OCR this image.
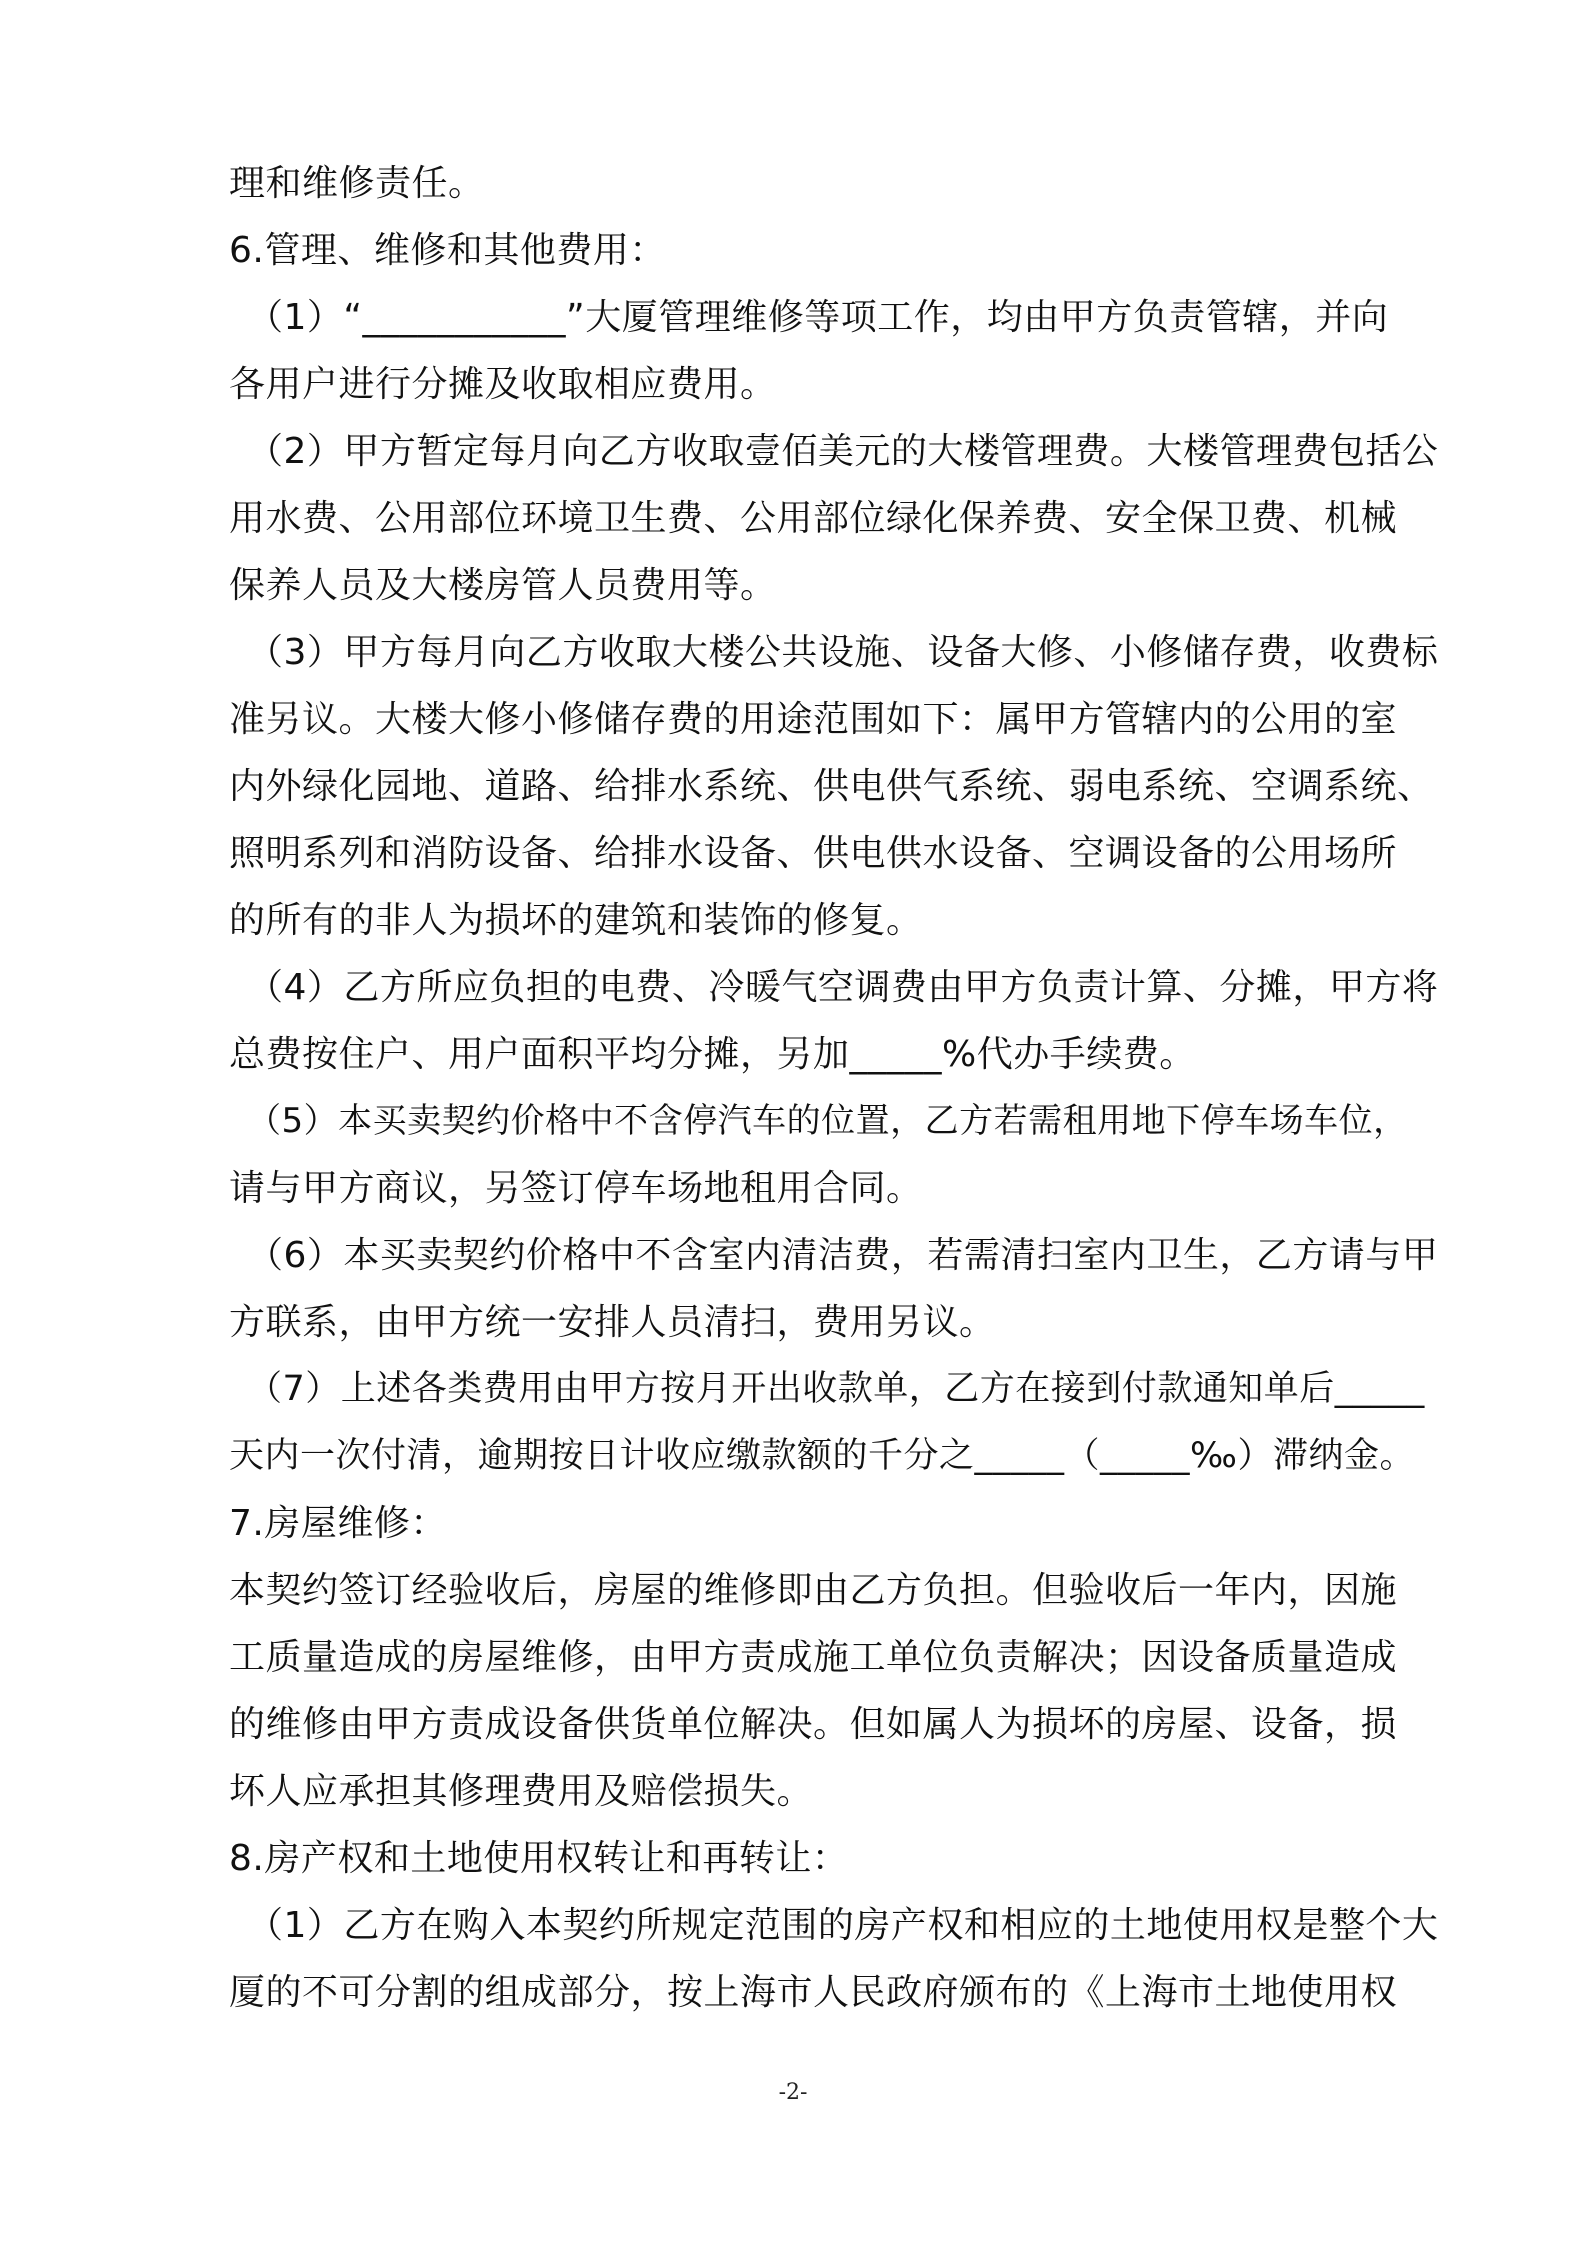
理和维修责任。
6.管理、维修和其他费用：
（1）“___________”大厦管理维修等项工作，均由甲方负责管辖，并向
各用户进行分摊及收取相应费用。
（2）甲方暂定每月向乙方收取壹佰美元的大楼管理费。大楼管理费包括公
用水费、公用部位环境卫生费、公用部位绿化保养费、安全保卫费、机械
保养人员及大楼房管人员费用等。
（3）甲方每月向乙方收取大楼公共设施、设备大修、小修储存费，收费标
准另议。大楼大修小修储存费的用途范围如下：属甲方管辖内的公用的室
内外绿化园地、道路、给排水系统、供电供气系统、弱电系统、空调系统、
照明系列和消防设备、给排水设备、供电供水设备、空调设备的公用场所
的所有的非人为损坏的建筑和装饰的修复。
（4）乙方所应负担的电费、冷暖气空调费由甲方负责计算、分摊，甲方将
总费按住户、用户面积平均分摊，另加_____%代办手续费。
（5）本买卖契约价格中不含停汽车的位置，乙方若需租用地下停车场车位，
请与甲方商议，另签订停车场地租用合同。
（6）本买卖契约价格中不含室内清洁费，若需清扫室内卫生，乙方请与甲
方联系，由甲方统一安排人员清扫，费用另议。
（7）上述各类费用由甲方按月开出收款单，乙方在接到付款通知单后_____
天内一次付清，逾期按日计收应缴款额的千分之_____（_____‰）滞纳金。
7.房屋维修：
本契约签订经验收后，房屋的维修即由乙方负担。但验收后一年内，因施
工质量造成的房屋维修，由甲方责成施工单位负责解决；因设备质量造成
的维修由甲方责成设备供货单位解决。但如属人为损坏的房屋、设备，损
坏人应承担其修理费用及赔偿损失。
8.房产权和土地使用权转让和再转让：
（1）乙方在购入本契约所规定范围的房产权和相应的土地使用权是整个大
厦的不可分割的组成部分，按上海市人民政府颁布的《上海市土地使用权
-2-
